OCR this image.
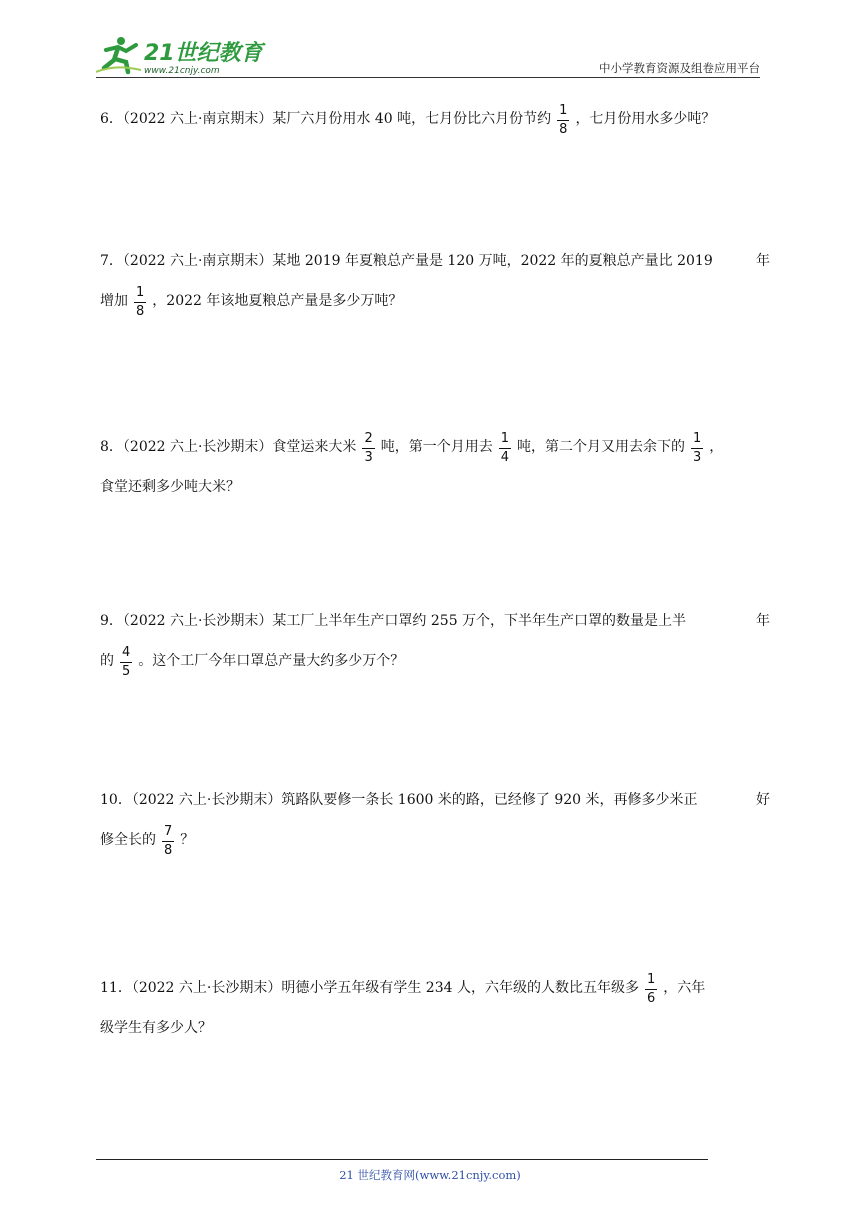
21世纪教育
www.21cnjy.com	中小学教育资源及组卷应用平台
6．（2022 六上·南京期末）某厂六月份用水 40 吨，七月份比六月份节约 $\frac{1}{8}$ ，七月份用水多少吨？
7．（2022 六上·南京期末）某地 2019 年夏粮总产量是 120 万吨，2022 年的夏粮总产量比 2019	年
增加 $\frac{1}{8}$ ，2022 年该地夏粮总产量是多少万吨？
8．（2022 六上·长沙期末）食堂运来大米 $\frac{2}{3}$ 吨，第一个月用去 $\frac{1}{4}$ 吨，第二个月又用去余下的 $\frac{1}{3}$ ，
食堂还剩多少吨大米？
9．（2022 六上·长沙期末）某工厂上半年生产口罩约 255 万个，下半年生产口罩的数量是上半	年
的 $\frac{4}{5}$ 。这个工厂今年口罩总产量大约多少万个？
10．（2022 六上·长沙期末）筑路队要修一条长 1600 米的路，已经修了 920 米，再修多少米正	好
修全长的 $\frac{7}{8}$ ？
11．（2022 六上·长沙期末）明德小学五年级有学生 234 人，六年级的人数比五年级多 $\frac{1}{6}$ ，六年
级学生有多少人？
21 世纪教育网(www.21cnjy.com)
